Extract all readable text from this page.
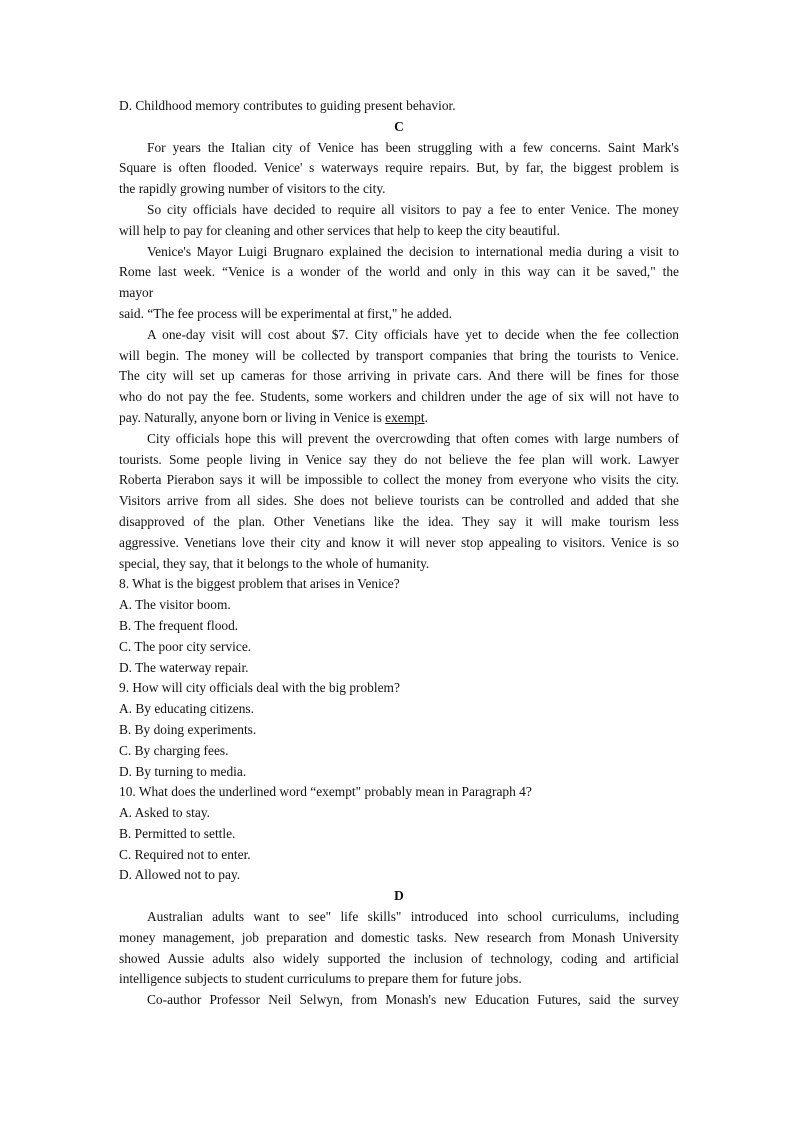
D. Childhood memory contributes to guiding present behavior.
C
For years the Italian city of Venice has been struggling with a few concerns. Saint Mark's
Square is often flooded. Venice' s waterways require repairs. But, by far, the biggest problem is
the rapidly growing number of visitors to the city.
So city officials have decided to require all visitors to pay a fee to enter Venice. The money
will help to pay for cleaning and other services that help to keep the city beautiful.
Venice's Mayor Luigi Brugnaro explained the decision to international media during a visit to
Rome last week. “Venice is a wonder of the world and only in this way can it be saved," the
mayor
said. “The fee process will be experimental at first," he added.
A one-day visit will cost about $7. City officials have yet to decide when the fee collection
will begin. The money will be collected by transport companies that bring the tourists to Venice.
The city will set up cameras for those arriving in private cars. And there will be fines for those
who do not pay the fee. Students, some workers and children under the age of six will not have to
pay. Naturally, anyone born or living in Venice is exempt.
City officials hope this will prevent the overcrowding that often comes with large numbers of
tourists. Some people living in Venice say they do not believe the fee plan will work. Lawyer
Roberta Pierabon says it will be impossible to collect the money from everyone who visits the city.
Visitors arrive from all sides. She does not believe tourists can be controlled and added that she
disapproved of the plan. Other Venetians like the idea. They say it will make tourism less
aggressive. Venetians love their city and know it will never stop appealing to visitors. Venice is so
special, they say, that it belongs to the whole of humanity.
8. What is the biggest problem that arises in Venice?
A. The visitor boom.
B. The frequent flood.
C. The poor city service.
D. The waterway repair.
9. How will city officials deal with the big problem?
A. By educating citizens.
B. By doing experiments.
C. By charging fees.
D. By turning to media.
10. What does the underlined word “exempt" probably mean in Paragraph 4?
A. Asked to stay.
B. Permitted to settle.
C. Required not to enter.
D. Allowed not to pay.
D
Australian adults want to see" life skills" introduced into school curriculums, including
money management, job preparation and domestic tasks. New research from Monash University
showed Aussie adults also widely supported the inclusion of technology, coding and artificial
intelligence subjects to student curriculums to prepare them for future jobs.
Co-author Professor Neil Selwyn, from Monash's new Education Futures, said the survey
